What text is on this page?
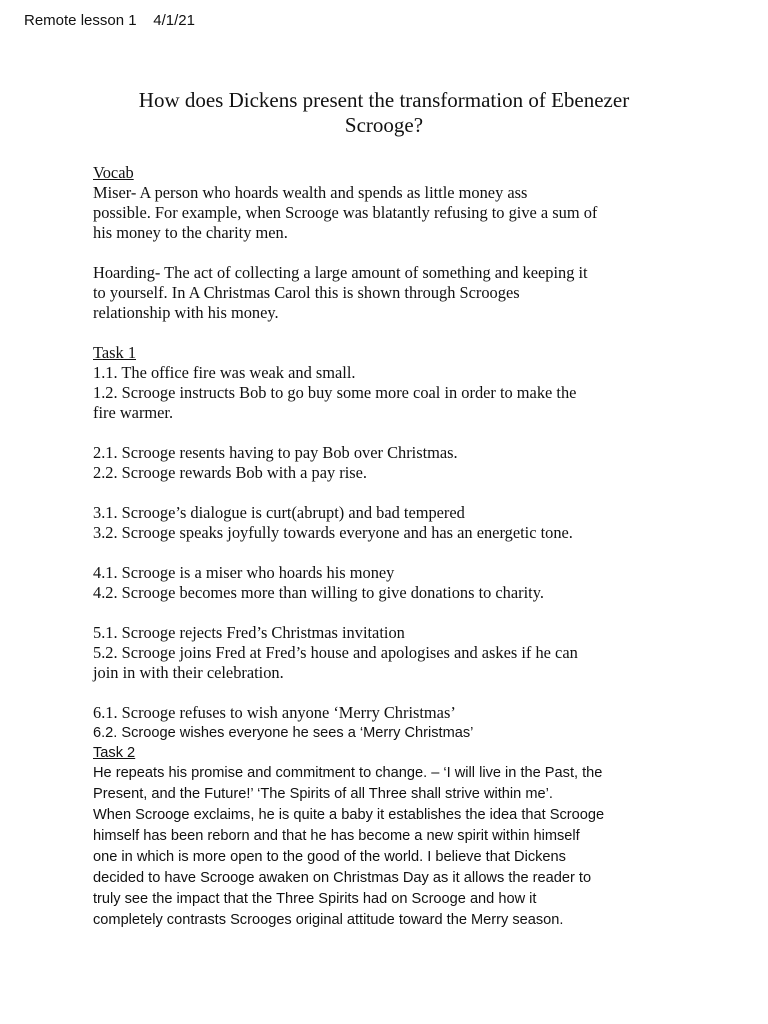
Remote lesson 1 4/1/21
How does Dickens present the transformation of Ebenezer
Scrooge?

Vocab

Miser- A person who hoards wealth and spends as little money ass

possible. For example, when Scrooge was blatantly refusing to give a sum of

his money to the charity men.

Hoarding- The act of collecting a large amount of something and keeping it

to yourself. In A Christmas Carol this is shown through Scrooges

relationship with his money.

Task 1

1.1. The office fire was weak and small.

1.2. Scrooge instructs Bob to go buy some more coal in order to make the

fire warmer.

2.1. Scrooge resents having to pay Bob over Christmas.

2.2. Scrooge rewards Bob with a pay rise.

3.1. Scrooge’s dialogue is curt(abrupt) and bad tempered

3.2. Scrooge speaks joyfully towards everyone and has an energetic tone.

4.1. Scrooge is a miser who hoards his money

4.2. Scrooge becomes more than willing to give donations to charity.

5.1. Scrooge rejects Fred’s Christmas invitation

5.2. Scrooge joins Fred at Fred’s house and apologises and askes if he can

join in with their celebration.

6.1. Scrooge refuses to wish anyone ‘Merry Christmas’

6.2. Scrooge wishes everyone he sees a ‘Merry Christmas’

Task 2

He repeats his promise and commitment to change. – ‘I will live in the Past, the

Present, and the Future!’ ‘The Spirits of all Three shall strive within me’.

When Scrooge exclaims, he is quite a baby it establishes the idea that Scrooge

himself has been reborn and that he has become a new spirit within himself

one in which is more open to the good of the world. I believe that Dickens

decided to have Scrooge awaken on Christmas Day as it allows the reader to

truly see the impact that the Three Spirits had on Scrooge and how it

completely contrasts Scrooges original attitude toward the Merry season.
